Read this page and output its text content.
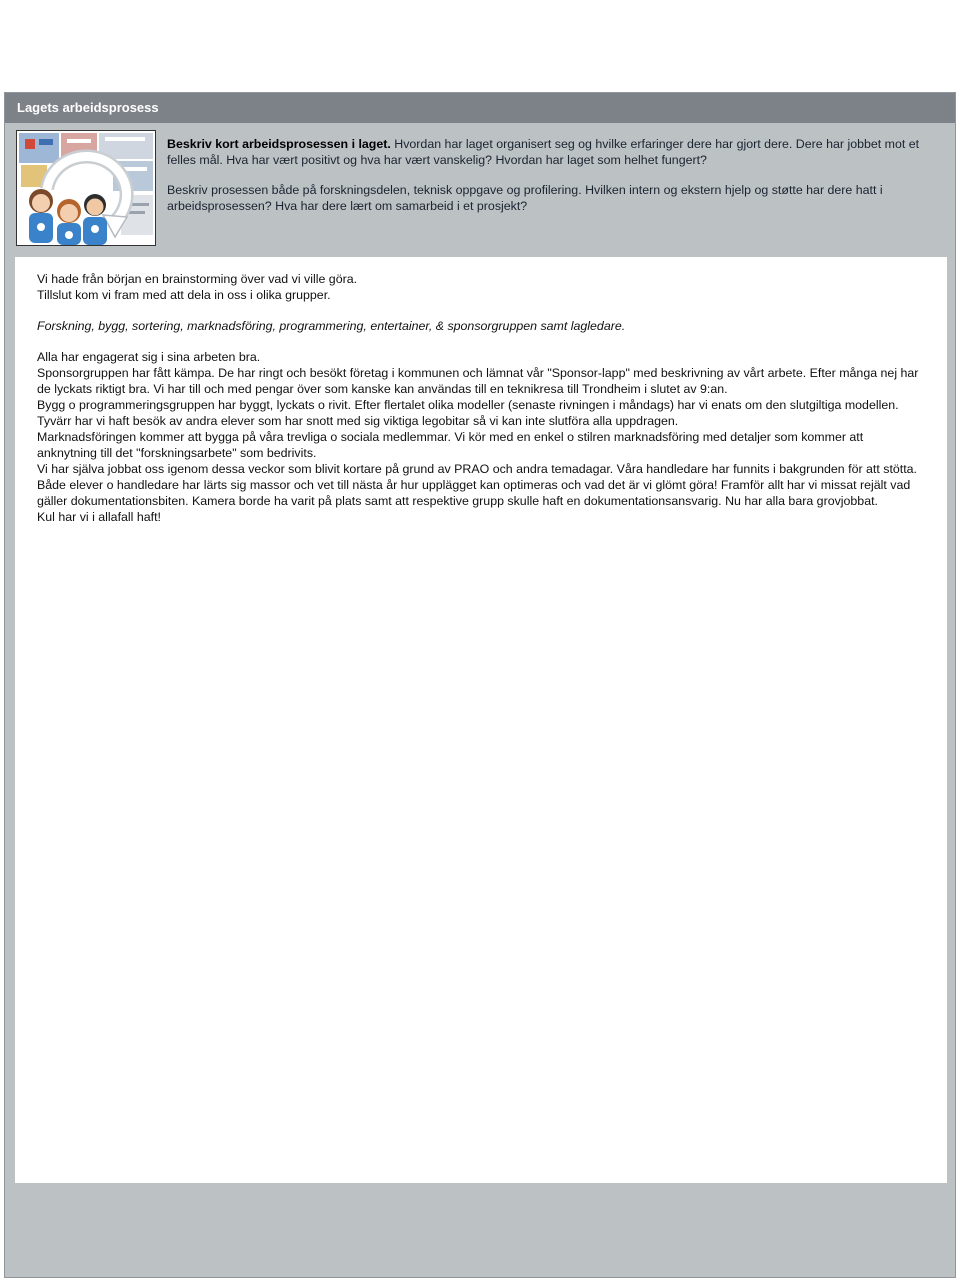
Lagets arbeidsprosess

Beskriv kort arbeidsprosessen i laget. Hvordan har laget organisert seg og hvilke erfaringer dere har gjort dere. Dere har jobbet mot et felles mål. Hva har vært positivt og hva har vært vanskelig? Hvordan har laget som helhet fungert?

Beskriv prosessen både på forskningsdelen, teknisk oppgave og profilering. Hvilken intern og ekstern hjelp og støtte har dere hatt i arbeidsprosessen? Hva har dere lært om samarbeid i et prosjekt?

Vi hade från början en brainstorming över vad vi ville göra.

Tillslut kom vi fram med att dela in oss i olika grupper.

Forskning, bygg, sortering, marknadsföring, programmering, entertainer, & sponsorgruppen samt lagledare.

Alla har engagerat sig i sina arbeten bra.

Sponsorgruppen har fått kämpa. De har ringt och besökt företag i kommunen och lämnat vår "Sponsor-lapp" med beskrivning av vårt arbete. Efter många nej har de lyckats riktigt bra. Vi har till och med pengar över som kanske kan användas till en teknikresa till Trondheim i slutet av 9:an.

Bygg o programmeringsgruppen har byggt, lyckats o rivit. Efter flertalet olika modeller (senaste rivningen i måndags) har vi enats om den slutgiltiga modellen. Tyvärr har vi haft besök av andra elever som har snott med sig viktiga legobitar så vi kan inte slutföra alla uppdragen.

Marknadsföringen kommer att bygga på våra trevliga o sociala medlemmar. Vi kör med en enkel o stilren marknadsföring med detaljer som kommer att anknytning till det "forskningsarbete" som bedrivits.

Vi har själva jobbat oss igenom dessa veckor som blivit kortare på grund av PRAO och andra temadagar. Våra handledare har funnits i bakgrunden för att stötta. Både elever o handledare har lärts sig massor och vet till nästa år hur upplägget kan optimeras och vad det är vi glömt göra! Framför allt har vi missat rejält vad gäller dokumentationsbiten. Kamera borde ha varit på plats samt att respektive grupp skulle haft en dokumentationsansvarig. Nu har alla bara grovjobbat.

Kul har vi i allafall haft!
